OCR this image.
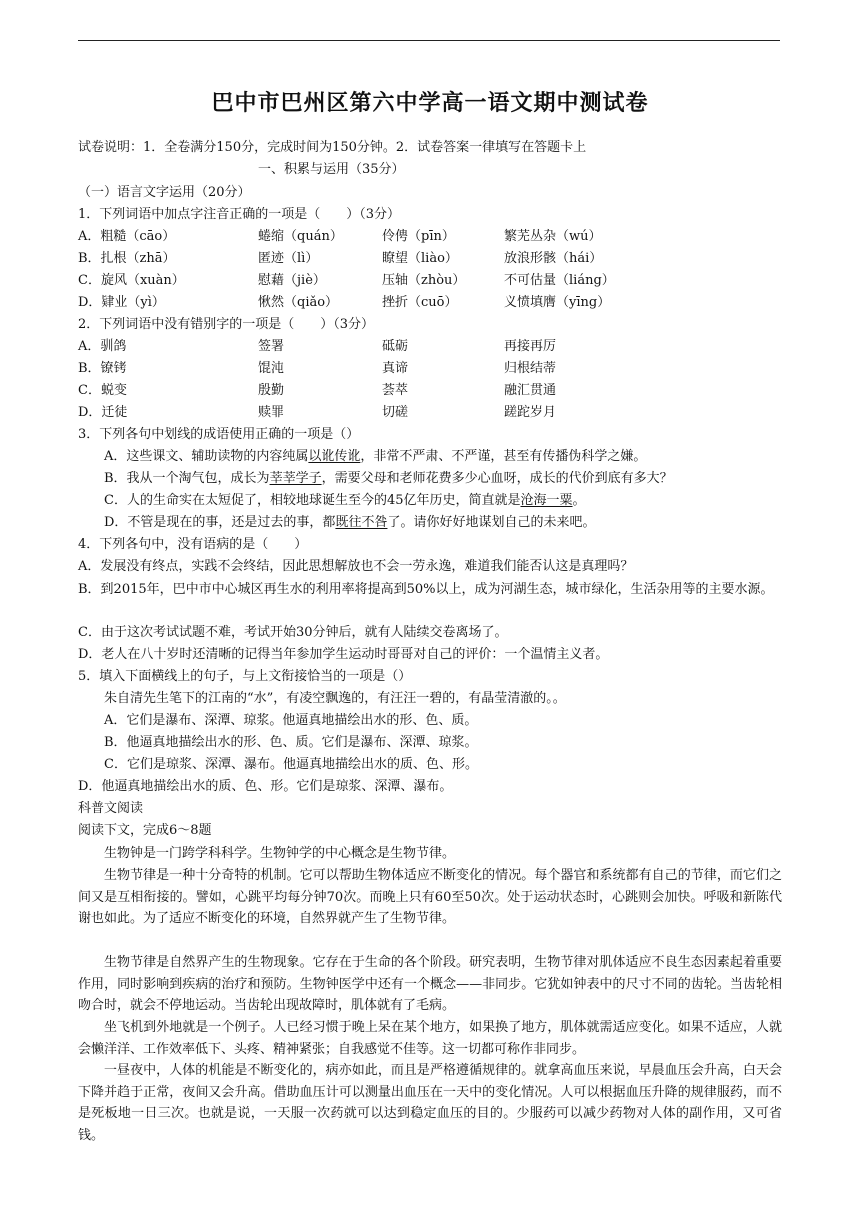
巴中市巴州区第六中学高一语文期中测试卷
试卷说明：1．全卷满分150分，完成时间为150分钟。2．试卷答案一律填写在答题卡上
一、积累与运用（35分）
（一）语言文字运用（20分）
1．下列词语中加点字注音正确的一项是（　　）（3分）
A．粗糙（cāo）	蜷缩（quán）	伶俜（pīn）	繁芜丛杂（wú）
B．扎根（zhā）	匿迹（lì）	瞭望（liào）	放浪形骸（hái）
C．旋风（xuàn）	慰藉（jiè）	压轴（zhòu）	不可估量（liáng）
D．肄业（yì）	愀然（qiǎo）	挫折（cuō）	义愤填膺（yīng）
2．下列词语中没有错别字的一项是（　　）（3分）
A．驯鸽	签署	砥砺	再接再厉
B．镣铐	馄沌	真谛	归根结蒂
C．蜕变	殷勤	荟萃	融汇贯通
D．迁徒	赎罪	切磋	蹉跎岁月
3．下列各句中划线的成语使用正确的一项是（）
A．这些课文、辅助读物的内容纯属以讹传讹，非常不严肃、不严谨，甚至有传播伪科学之嫌。
B．我从一个淘气包，成长为莘莘学子，需要父母和老师花费多少心血呀，成长的代价到底有多大？
C．人的生命实在太短促了，相较地球诞生至今的45亿年历史，简直就是沧海一粟。
D．不管是现在的事，还是过去的事，都既往不咎了。请你好好地谋划自己的未来吧。
4．下列各句中，没有语病的是（　　）
A．发展没有终点，实践不会终结，因此思想解放也不会一劳永逸，难道我们能否认这是真理吗？
B．到2015年，巴中市中心城区再生水的利用率将提高到50%以上，成为河湖生态，城市绿化，生活杂用等的主要水源。
C．由于这次考试试题不难，考试开始30分钟后，就有人陆续交卷离场了。
D．老人在八十岁时还清晰的记得当年参加学生运动时哥哥对自己的评价：一个温情主义者。
5．填入下面横线上的句子，与上文衔接恰当的一项是（）
朱自清先生笔下的江南的“水”，有凌空飘逸的，有汪汪一碧的，有晶莹清澈的。。
A．它们是瀑布、深潭、琼浆。他逼真地描绘出水的形、色、质。
B．他逼真地描绘出水的形、色、质。它们是瀑布、深潭、琼浆。
C．它们是琼浆、深潭、瀑布。他逼真地描绘出水的质、色、形。
D．他逼真地描绘出水的质、色、形。它们是琼浆、深潭、瀑布。
科普文阅读
阅读下文，完成6～8题
生物钟是一门跨学科科学。生物钟学的中心概念是生物节律。
生物节律是一种十分奇特的机制。它可以帮助生物体适应不断变化的情况。每个器官和系统都有自己的节律，而它们之间又是互相衔接的。譬如，心跳平均每分钟70次。而晚上只有60至50次。处于运动状态时，心跳则会加快。呼吸和新陈代谢也如此。为了适应不断变化的环境，自然界就产生了生物节律。
生物节律是自然界产生的生物现象。它存在于生命的各个阶段。研究表明，生物节律对肌体适应不良生态因素起着重要作用，同时影响到疾病的治疗和预防。生物钟医学中还有一个概念——非同步。它犹如钟表中的尺寸不同的齿轮。当齿轮相吻合时，就会不停地运动。当齿轮出现故障时，肌体就有了毛病。
坐飞机到外地就是一个例子。人已经习惯于晚上呆在某个地方，如果换了地方，肌体就需适应变化。如果不适应，人就会懒洋洋、工作效率低下、头疼、精神紧张；自我感觉不佳等。这一切都可称作非同步。
一昼夜中，人体的机能是不断变化的，病亦如此，而且是严格遵循规律的。就拿高血压来说，早晨血压会升高，白天会下降并趋于正常，夜间又会升高。借助血压计可以测量出血压在一天中的变化情况。人可以根据血压升降的规律服药，而不是死板地一日三次。也就是说，一天服一次药就可以达到稳定血压的目的。少服药可以减少药物对人体的副作用，又可省钱。
